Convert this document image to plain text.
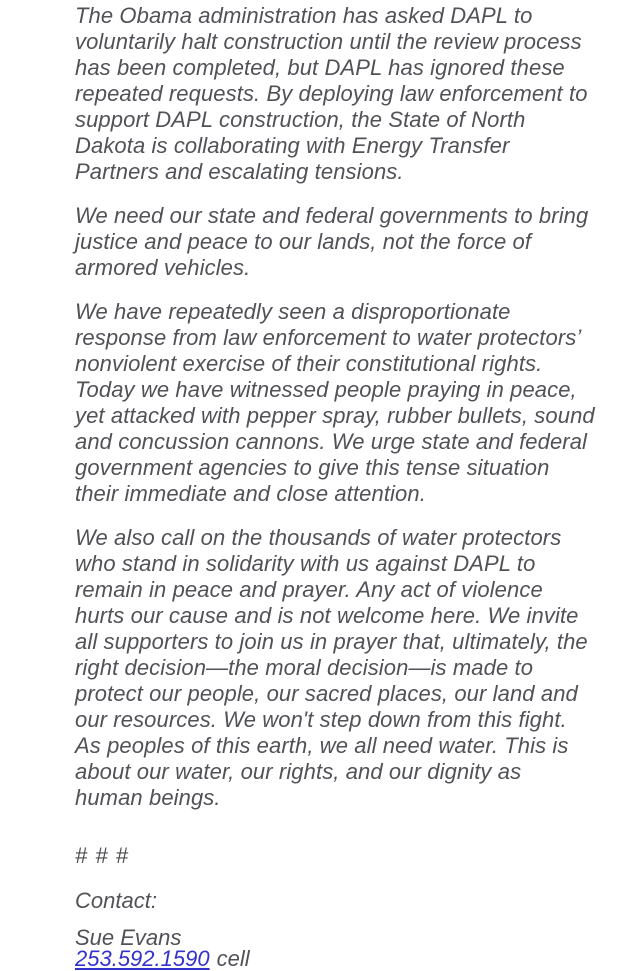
The Obama administration has asked DAPL to
voluntarily halt construction until the review process
has been completed, but DAPL has ignored these
repeated requests. By deploying law enforcement to
support DAPL construction, the State of North
Dakota is collaborating with Energy Transfer
Partners and escalating tensions.
We need our state and federal governments to bring
justice and peace to our lands, not the force of
armored vehicles.
We have repeatedly seen a disproportionate
response from law enforcement to water protectors’
nonviolent exercise of their constitutional rights.
Today we have witnessed people praying in peace,
yet attacked with pepper spray, rubber bullets, sound
and concussion cannons. We urge state and federal
government agencies to give this tense situation
their immediate and close attention.
We also call on the thousands of water protectors
who stand in solidarity with us against DAPL to
remain in peace and prayer. Any act of violence
hurts our cause and is not welcome here. We invite
all supporters to join us in prayer that, ultimately, the
right decision—the moral decision—is made to
protect our people, our sacred places, our land and
our resources. We won't step down from this fight.
As peoples of this earth, we all need water. This is
about our water, our rights, and our dignity as
human beings.
# # #
Contact:
Sue Evans
253.592.1590 cell
